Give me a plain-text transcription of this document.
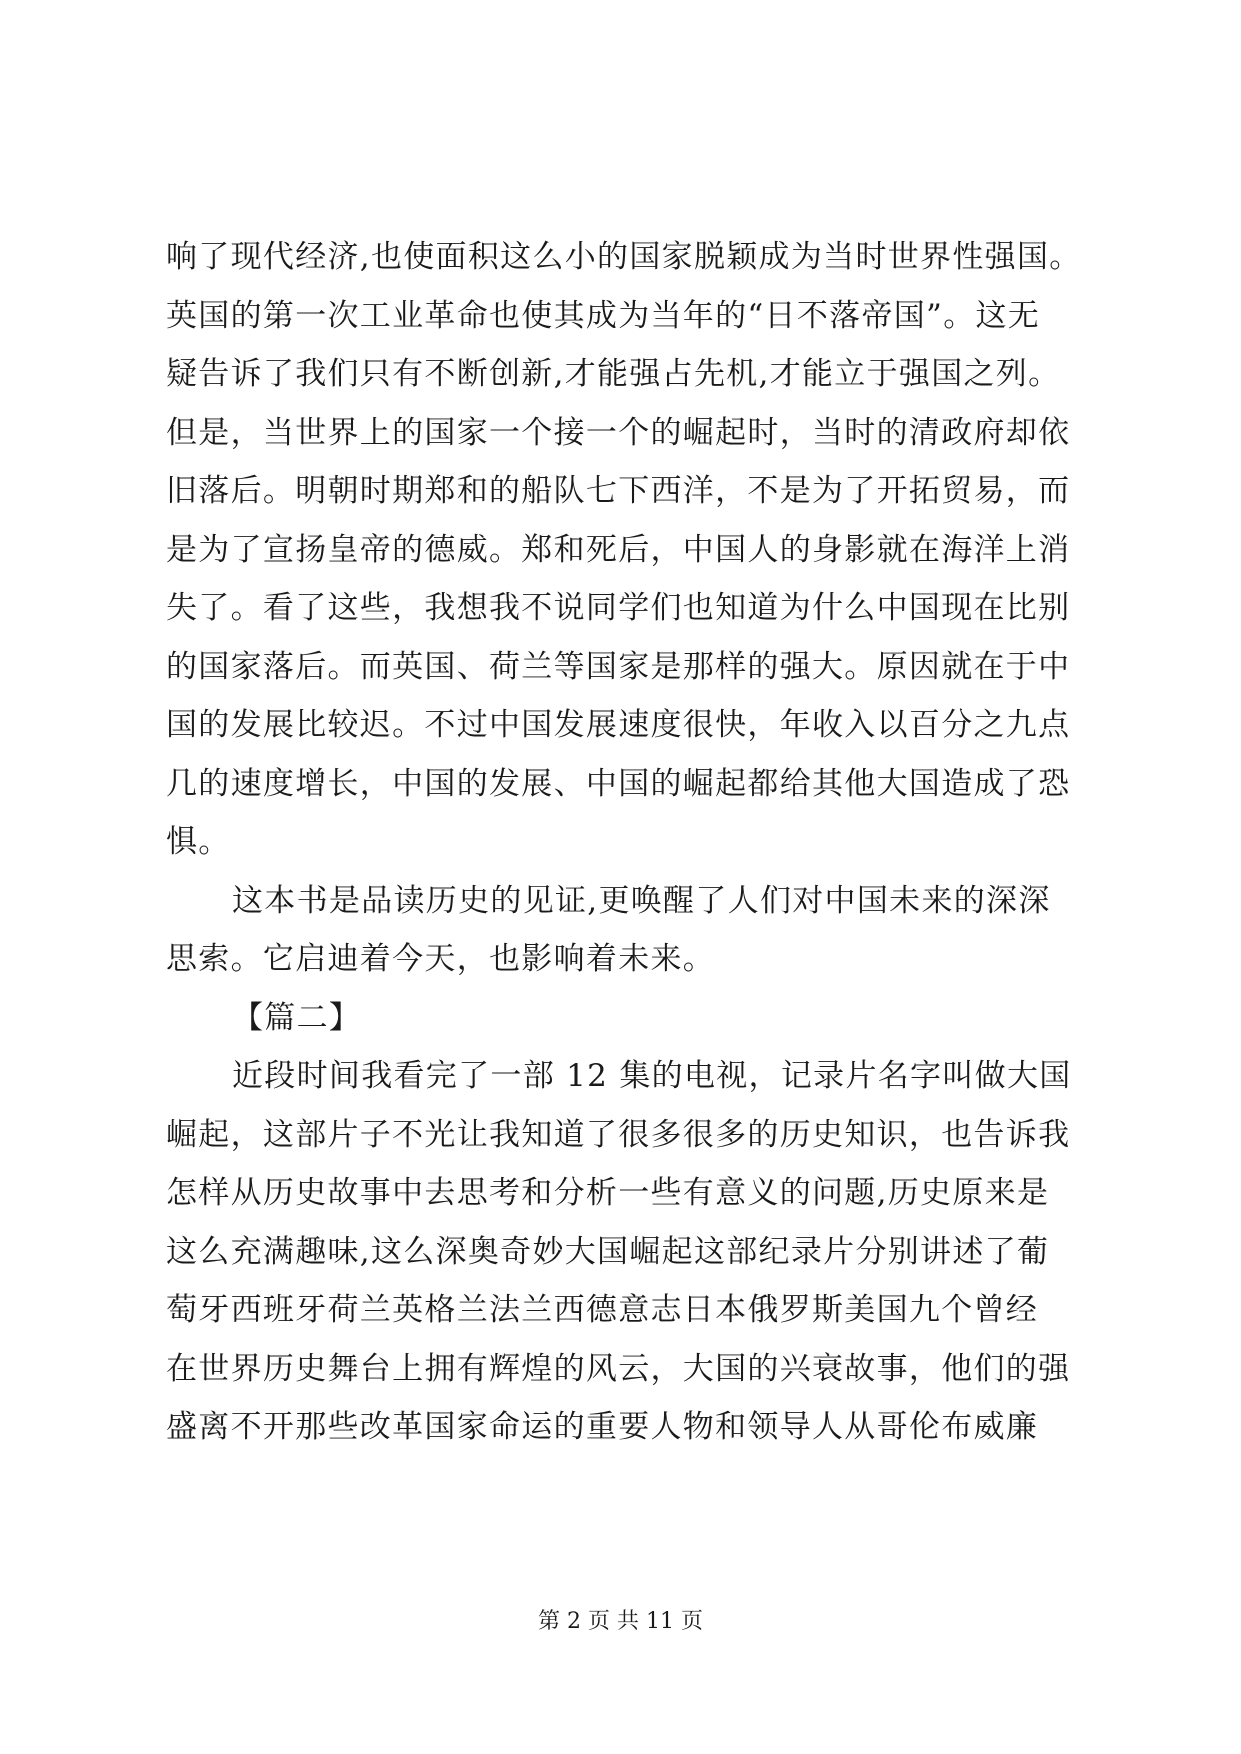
响了现代经济,也使面积这么小的国家脱颖成为当时世界性强国。
英国的第一次工业革命也使其成为当年的“日不落帝国”。这无
疑告诉了我们只有不断创新,才能强占先机,才能立于强国之列。
但是，当世界上的国家一个接一个的崛起时，当时的清政府却依
旧落后。明朝时期郑和的船队七下西洋，不是为了开拓贸易，而
是为了宣扬皇帝的德威。郑和死后，中国人的身影就在海洋上消
失了。看了这些，我想我不说同学们也知道为什么中国现在比别
的国家落后。而英国、荷兰等国家是那样的强大。原因就在于中
国的发展比较迟。不过中国发展速度很快，年收入以百分之九点
几的速度增长，中国的发展、中国的崛起都给其他大国造成了恐
惧。
这本书是品读历史的见证,更唤醒了人们对中国未来的深深
思索。它启迪着今天，也影响着未来。
【篇二】
近段时间我看完了一部 12 集的电视，记录片名字叫做大国
崛起，这部片子不光让我知道了很多很多的历史知识，也告诉我
怎样从历史故事中去思考和分析一些有意义的问题,历史原来是
这么充满趣味,这么深奥奇妙大国崛起这部纪录片分别讲述了葡
萄牙西班牙荷兰英格兰法兰西德意志日本俄罗斯美国九个曾经
在世界历史舞台上拥有辉煌的风云，大国的兴衰故事，他们的强
盛离不开那些改革国家命运的重要人物和领导人从哥伦布威廉
第 2 页 共 11 页
